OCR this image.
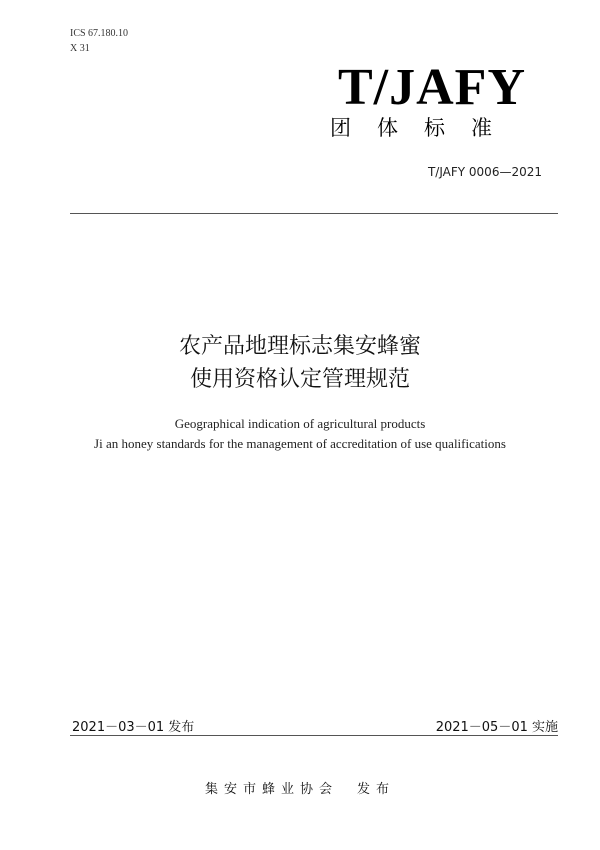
ICS 67.180.10
X 31
T/JAFY
团体标准
T/JAFY 0006—2021
农产品地理标志集安蜂蜜
使用资格认定管理规范
Geographical indication of agricultural products
Ji an honey standards for the management of accreditation of use qualifications
2021－03－01 发布	2021－05－01 实施
集安市蜂业协会　发布
